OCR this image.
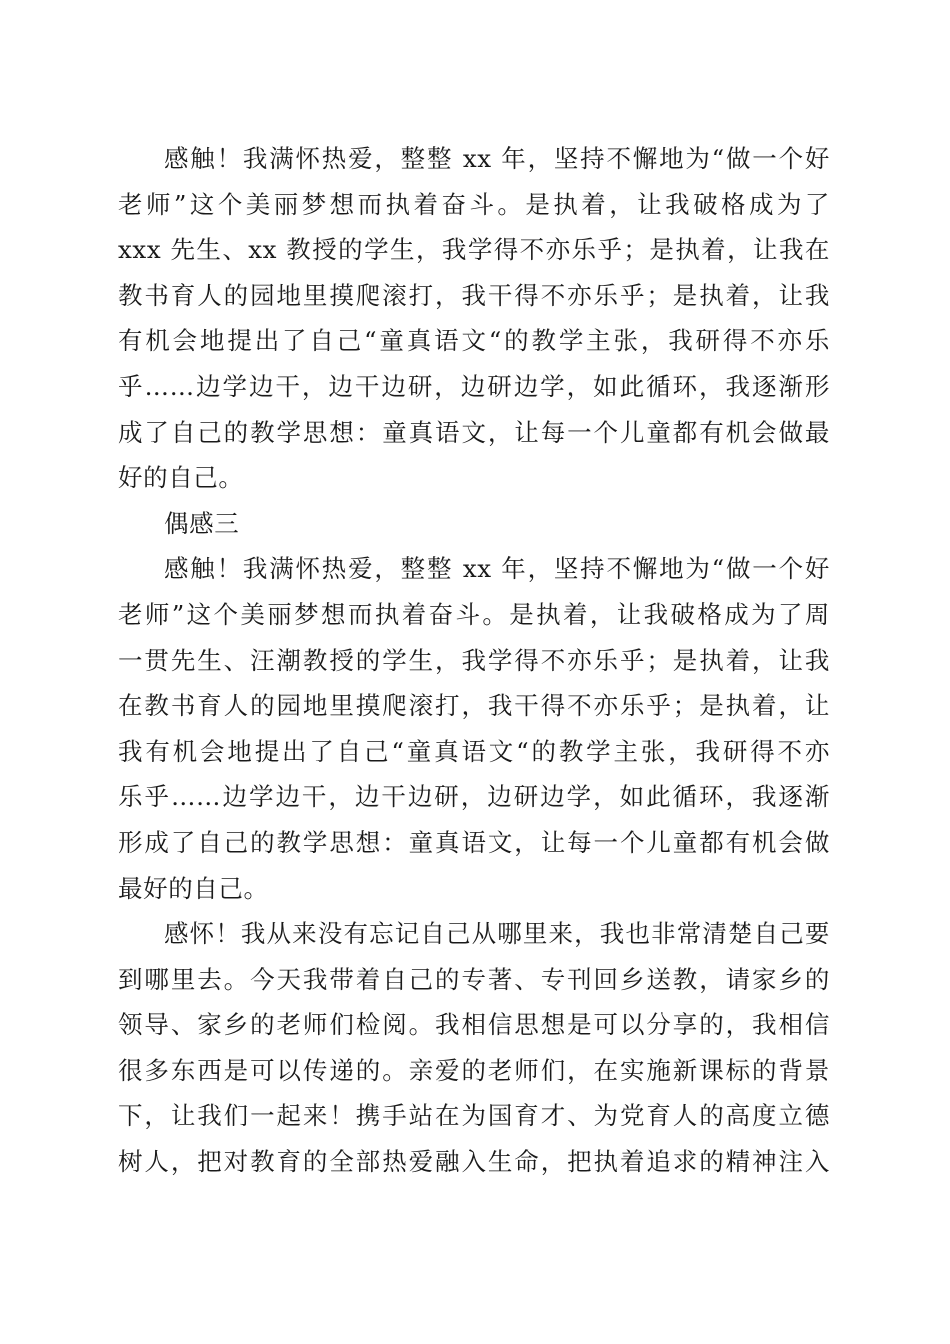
感触！我满怀热爱，整整 xx 年，坚持不懈地为“做一个好
老师”这个美丽梦想而执着奋斗。是执着，让我破格成为了
xxx 先生、xx 教授的学生，我学得不亦乐乎；是执着，让我在
教书育人的园地里摸爬滚打，我干得不亦乐乎；是执着，让我
有机会地提出了自己“童真语文“的教学主张，我研得不亦乐
乎……边学边干，边干边研，边研边学，如此循环，我逐渐形
成了自己的教学思想：童真语文，让每一个儿童都有机会做最
好的自己。
偶感三
感触！我满怀热爱，整整 xx 年，坚持不懈地为“做一个好
老师”这个美丽梦想而执着奋斗。是执着，让我破格成为了周
一贯先生、汪潮教授的学生，我学得不亦乐乎；是执着，让我
在教书育人的园地里摸爬滚打，我干得不亦乐乎；是执着，让
我有机会地提出了自己“童真语文“的教学主张，我研得不亦
乐乎……边学边干，边干边研，边研边学，如此循环，我逐渐
形成了自己的教学思想：童真语文，让每一个儿童都有机会做
最好的自己。
感怀！我从来没有忘记自己从哪里来，我也非常清楚自己要
到哪里去。今天我带着自己的专著、专刊回乡送教，请家乡的
领导、家乡的老师们检阅。我相信思想是可以分享的，我相信
很多东西是可以传递的。亲爱的老师们，在实施新课标的背景
下，让我们一起来！携手站在为国育才、为党育人的高度立德
树人，把对教育的全部热爱融入生命，把执着追求的精神注入
